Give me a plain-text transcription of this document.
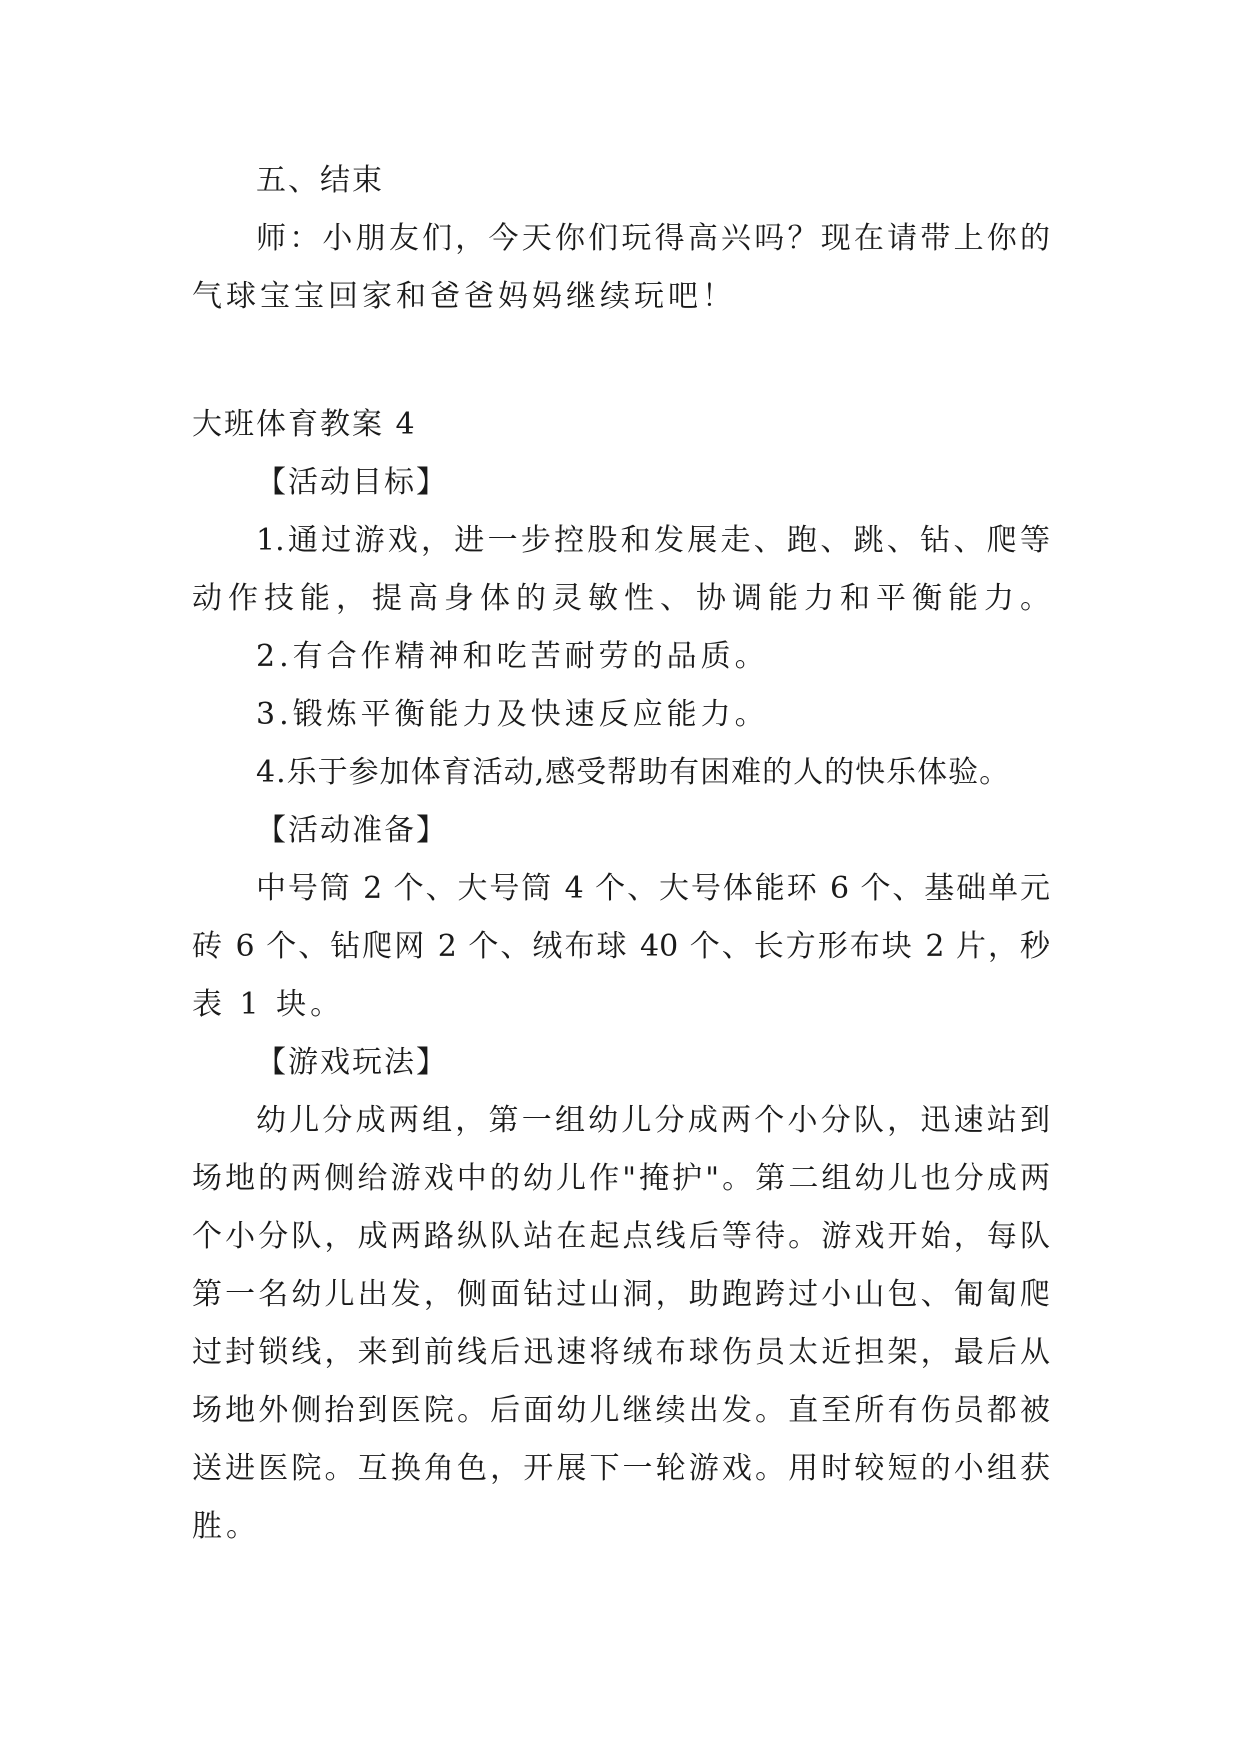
五、结束
师：小朋友们，今天你们玩得高兴吗？现在请带上你的
气球宝宝回家和爸爸妈妈继续玩吧！
大班体育教案 4
【活动目标】
1.通过游戏，进一步控股和发展走、跑、跳、钻、爬等
动作技能，提高身体的灵敏性、协调能力和平衡能力。
2.有合作精神和吃苦耐劳的品质。
3.锻炼平衡能力及快速反应能力。
4.乐于参加体育活动,感受帮助有困难的人的快乐体验。
【活动准备】
中号筒 2 个、大号筒 4 个、大号体能环 6 个、基础单元
砖 6 个、钻爬网 2 个、绒布球 40 个、长方形布块 2 片，秒
表 1 块。
【游戏玩法】
幼儿分成两组，第一组幼儿分成两个小分队，迅速站到
场地的两侧给游戏中的幼儿作"掩护"。第二组幼儿也分成两
个小分队，成两路纵队站在起点线后等待。游戏开始，每队
第一名幼儿出发，侧面钻过山洞，助跑跨过小山包、匍匐爬
过封锁线，来到前线后迅速将绒布球伤员太近担架，最后从
场地外侧抬到医院。后面幼儿继续出发。直至所有伤员都被
送进医院。互换角色，开展下一轮游戏。用时较短的小组获
胜。
